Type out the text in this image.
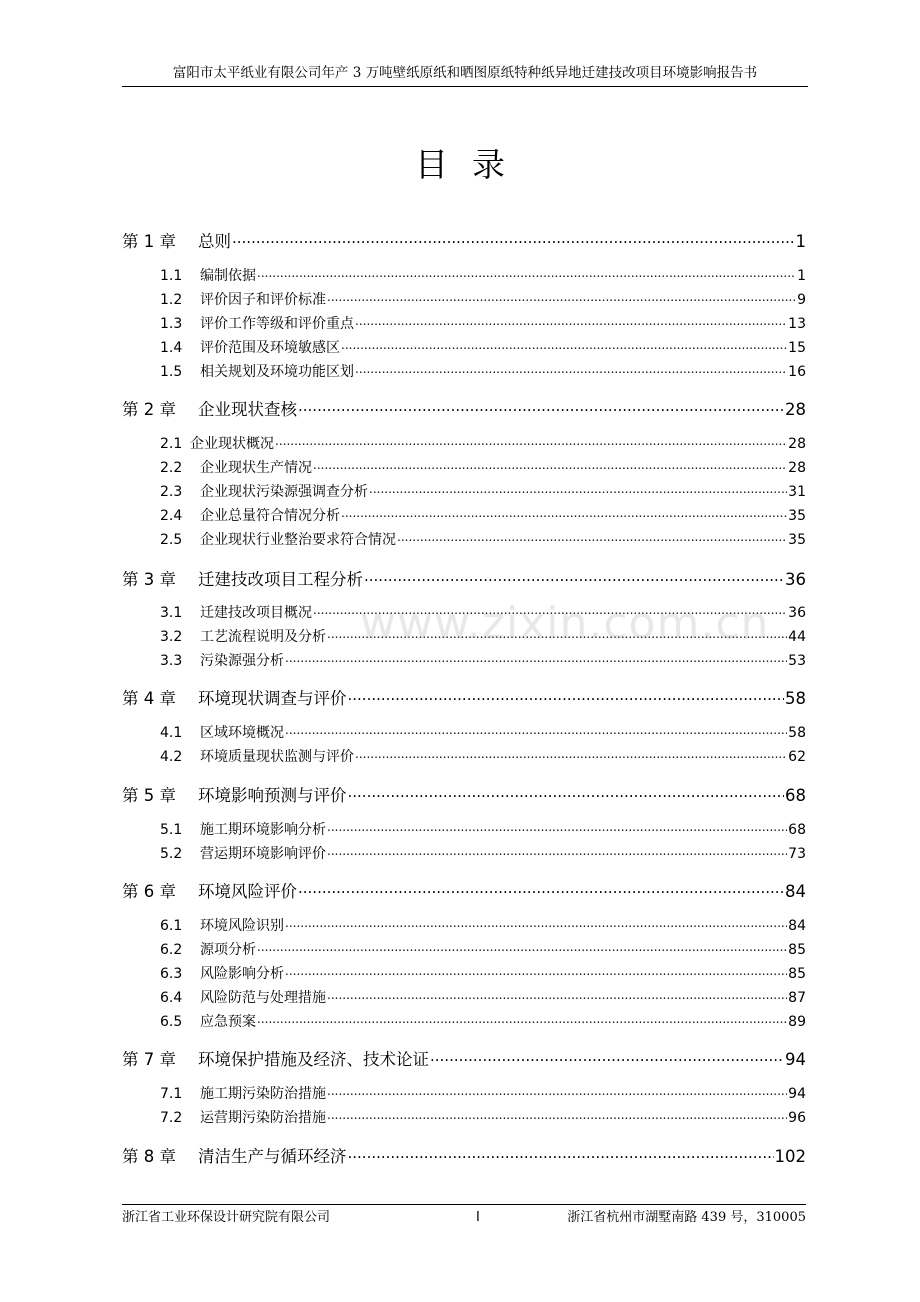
富阳市太平纸业有限公司年产 3 万吨壁纸原纸和晒图原纸特种纸异地迁建技改项目环境影响报告书
目录
第 1 章	总则 .....	1
1.1	编制依据 .....	1
1.2	评价因子和评价标准 .....	9
1.3	评价工作等级和评价重点 .....	13
1.4	评价范围及环境敏感区 .....	15
1.5	相关规划及环境功能区划 .....	16
第 2 章	企业现状查核 .....	28
2.1 企业现状概况 .....	28
2.2	企业现状生产情况 .....	28
2.3	企业现状污染源强调查分析 .....	31
2.4	企业总量符合情况分析 .....	35
2.5	企业现状行业整治要求符合情况 .....	35
第 3 章	迁建技改项目工程分析 .....	36
3.1	迁建技改项目概况 .....	36
3.2	工艺流程说明及分析 .....	44
3.3	污染源强分析 .....	53
第 4 章	环境现状调查与评价 .....	58
4.1	区域环境概况 .....	58
4.2	环境质量现状监测与评价 .....	62
第 5 章	环境影响预测与评价 .....	68
5.1	施工期环境影响分析 .....	68
5.2	营运期环境影响评价 .....	73
第 6 章	环境风险评价 .....	84
6.1	环境风险识别 .....	84
6.2	源项分析 .....	85
6.3	风险影响分析 .....	85
6.4	风险防范与处理措施 .....	87
6.5	应急预案 .....	89
第 7 章	环境保护措施及经济、技术论证 .....	94
7.1	施工期污染防治措施 .....	94
7.2	运营期污染防治措施 .....	96
第 8 章	清洁生产与循环经济 .....	102
www.zixin.com.cn
浙江省工业环保设计研究院有限公司	I	浙江省杭州市湖墅南路 439 号，310005
